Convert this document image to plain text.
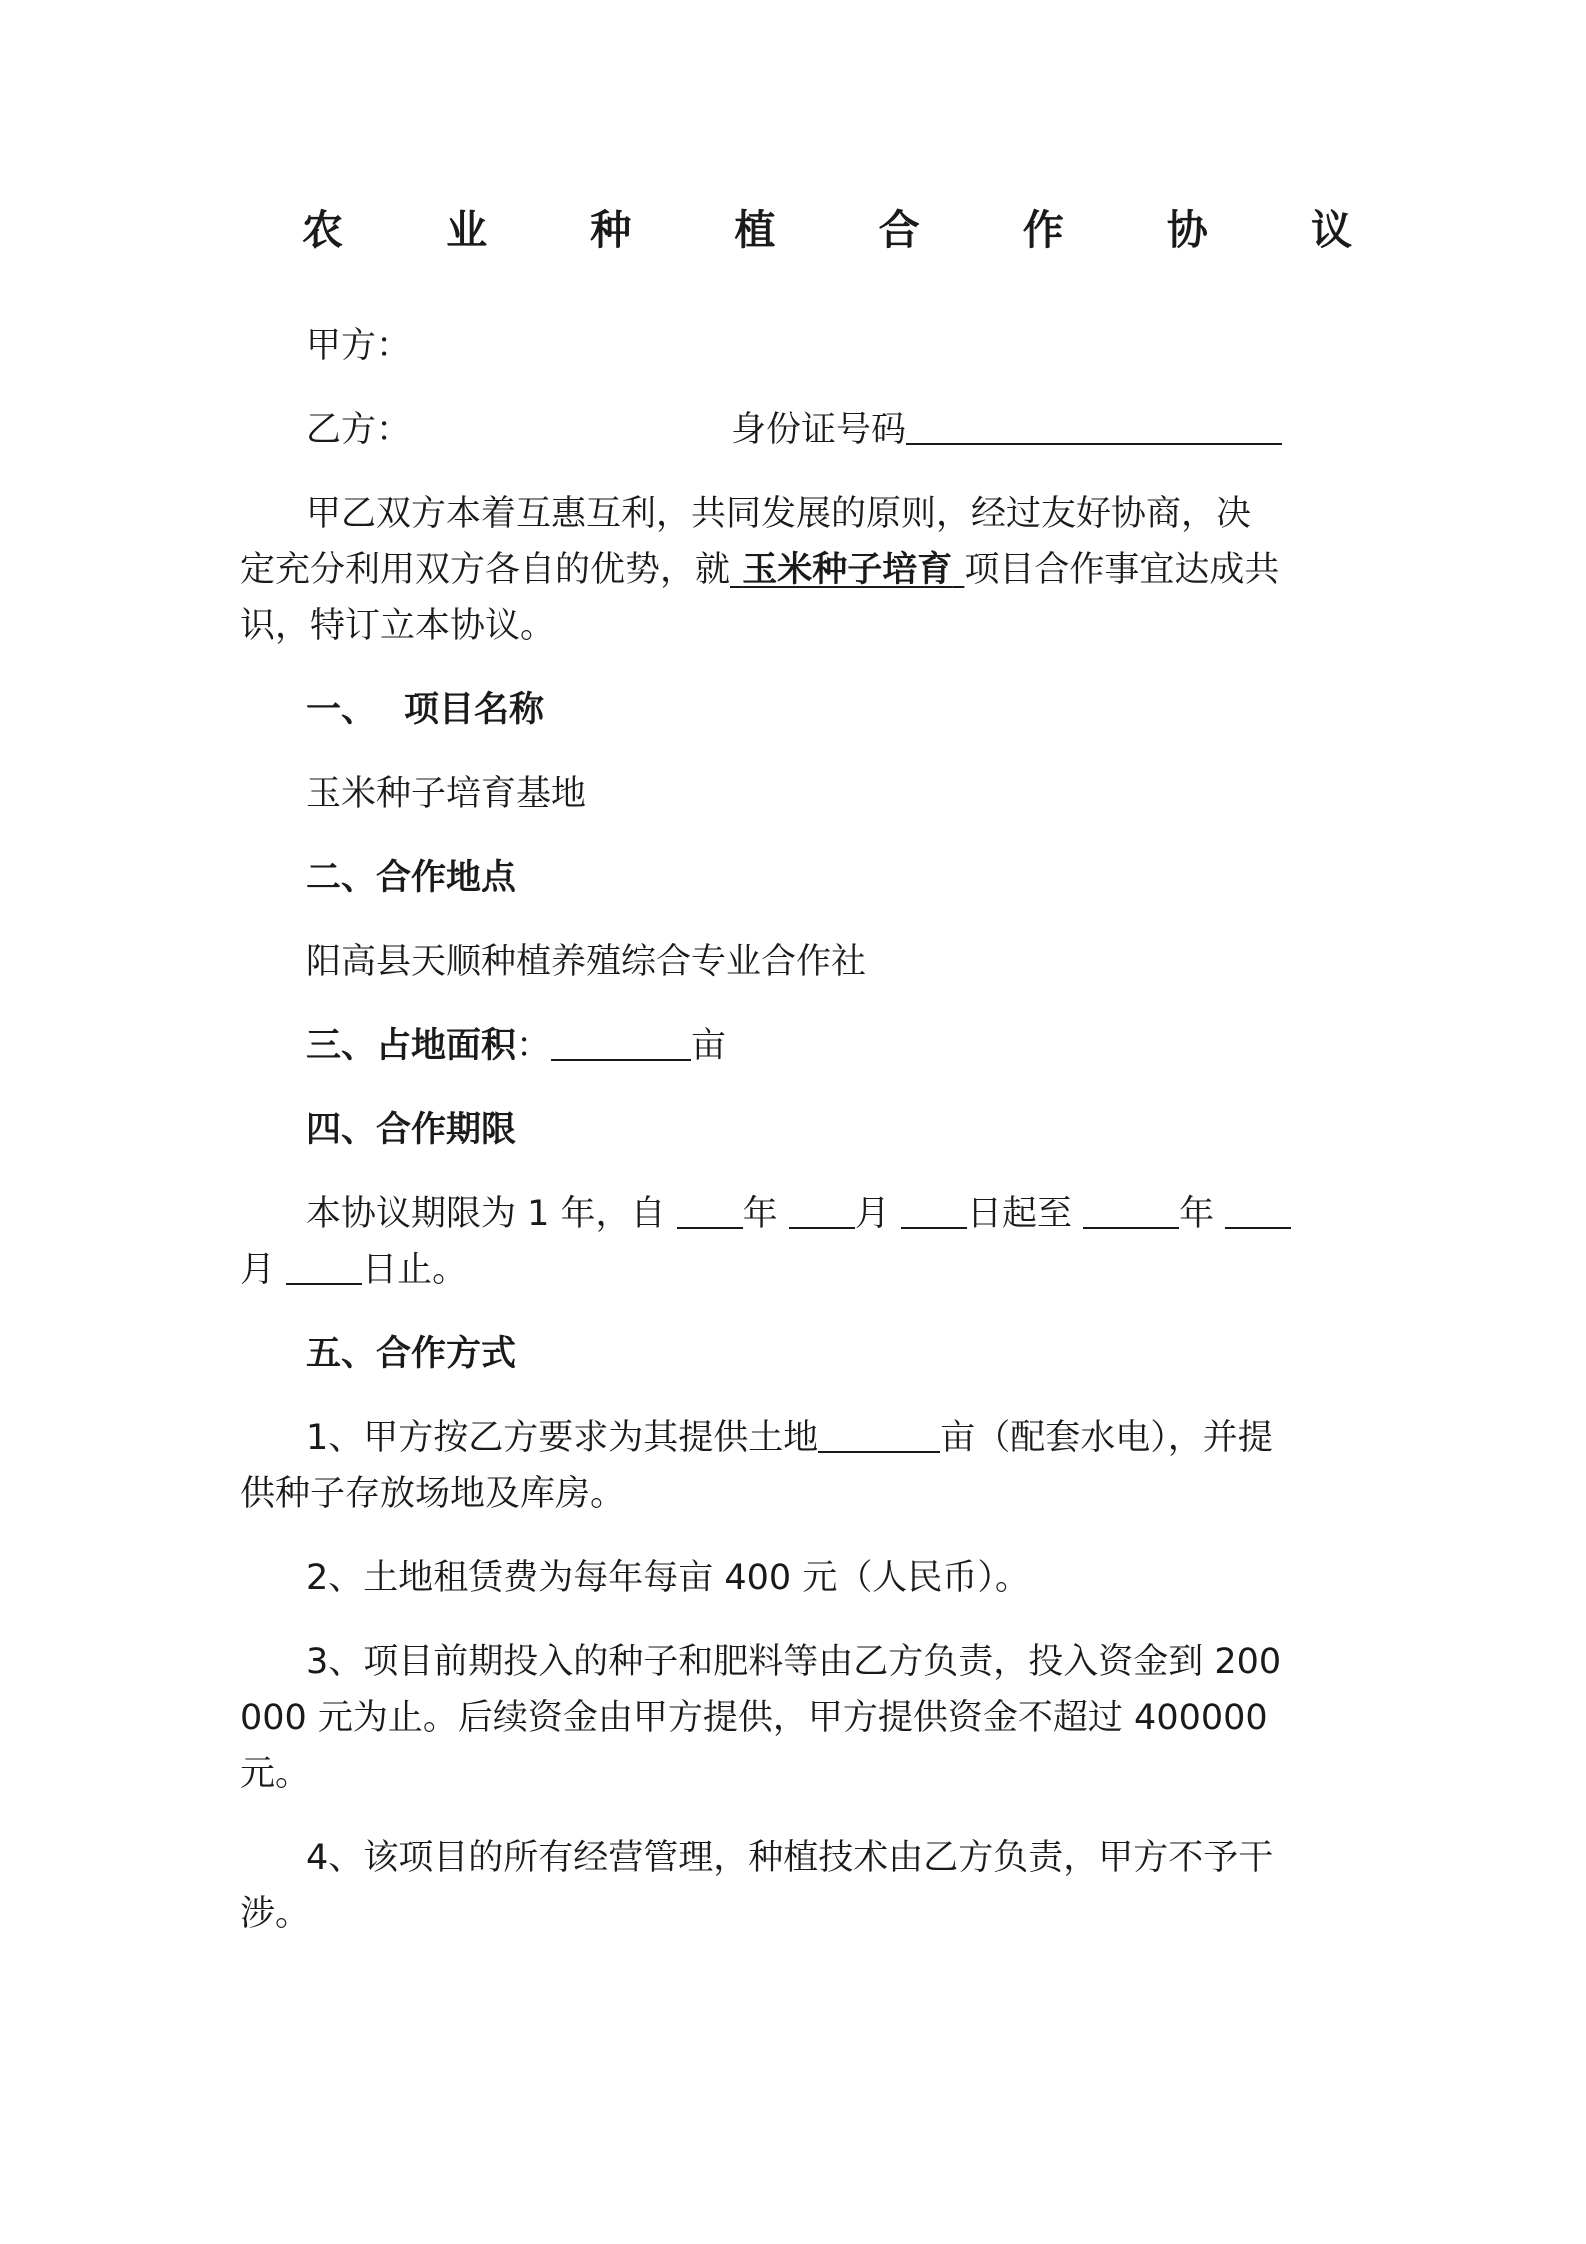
农	业	种	植	合	作	协	议
甲方：
乙方：	身份证号码
甲乙双方本着互惠互利，共同发展的原则，经过友好协商，决
定充分利用双方各自的优势，就 玉米种子培育 项目合作事宜达成共
识，特订立本协议。
一、 项目名称
玉米种子培育基地
二、合作地点
阳高县天顺种植养殖综合专业合作社
三、占地面积：	亩
四、合作期限
本协议期限为 1 年，自 年 月 日起至	年
月 日止。
五、合作方式
1、甲方按乙方要求为其提供土地	亩（配套水电），并提
供种子存放场地及库房。
2、土地租赁费为每年每亩 400 元（人民币）。
3、项目前期投入的种子和肥料等由乙方负责，投入资金到 200
000 元为止。后续资金由甲方提供，甲方提供资金不超过 400000
元。
4、该项目的所有经营管理，种植技术由乙方负责，甲方不予干
涉。
